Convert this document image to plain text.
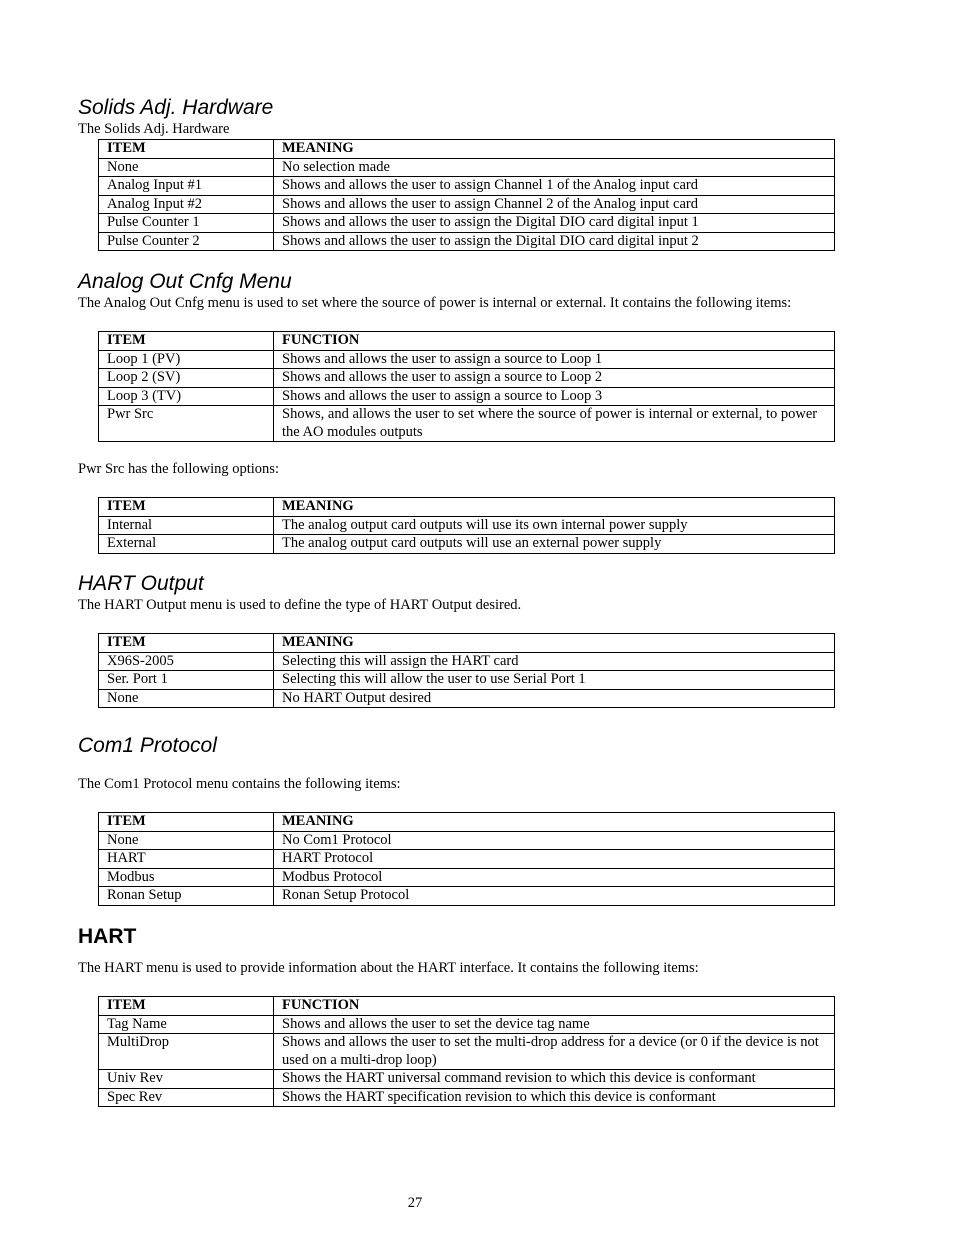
Solids Adj. Hardware

The Solids Adj. Hardware

ITEM	MEANING
None	No selection made
Analog Input #1	Shows and allows the user to assign Channel 1 of the Analog input card
Analog Input #2	Shows and allows the user to assign Channel 2 of the Analog input card
Pulse Counter 1	Shows and allows the user to assign the Digital DIO card digital input 1
Pulse Counter 2	Shows and allows the user to assign the Digital DIO card digital input 2
Analog Out Cnfg Menu

The Analog Out Cnfg menu is used to set where the source of power is internal or external. It contains the following items:

ITEM	FUNCTION
Loop 1 (PV)	Shows and allows the user to assign a source to Loop 1
Loop 2 (SV)	Shows and allows the user to assign a source to Loop 2
Loop 3 (TV)	Shows and allows the user to assign a source to Loop 3
Pwr Src	Shows, and allows the user to set where the source of power is internal or external, to power the AO modules outputs

Pwr Src has the following options:

ITEM	MEANING
Internal	The analog output card outputs will use its own internal power supply
External	The analog output card outputs will use an external power supply
HART Output

The HART Output menu is used to define the type of HART Output desired.

ITEM	MEANING
X96S-2005	Selecting this will assign the HART card
Ser. Port 1	Selecting this will allow the user to use Serial Port 1
None	No HART Output desired
Com1 Protocol

The Com1 Protocol menu contains the following items:

ITEM	MEANING
None	No Com1 Protocol
HART	HART Protocol
Modbus	Modbus Protocol
Ronan Setup	Ronan Setup Protocol
HART

The HART menu is used to provide information about the HART interface. It contains the following items:

ITEM	FUNCTION
Tag Name	Shows and allows the user to set the device tag name
MultiDrop	Shows and allows the user to set the multi-drop address for a device (or 0 if the device is not used on a multi-drop loop)
Univ Rev	Shows the HART universal command revision to which this device is conformant
Spec Rev	Shows the HART specification revision to which this device is conformant
27
